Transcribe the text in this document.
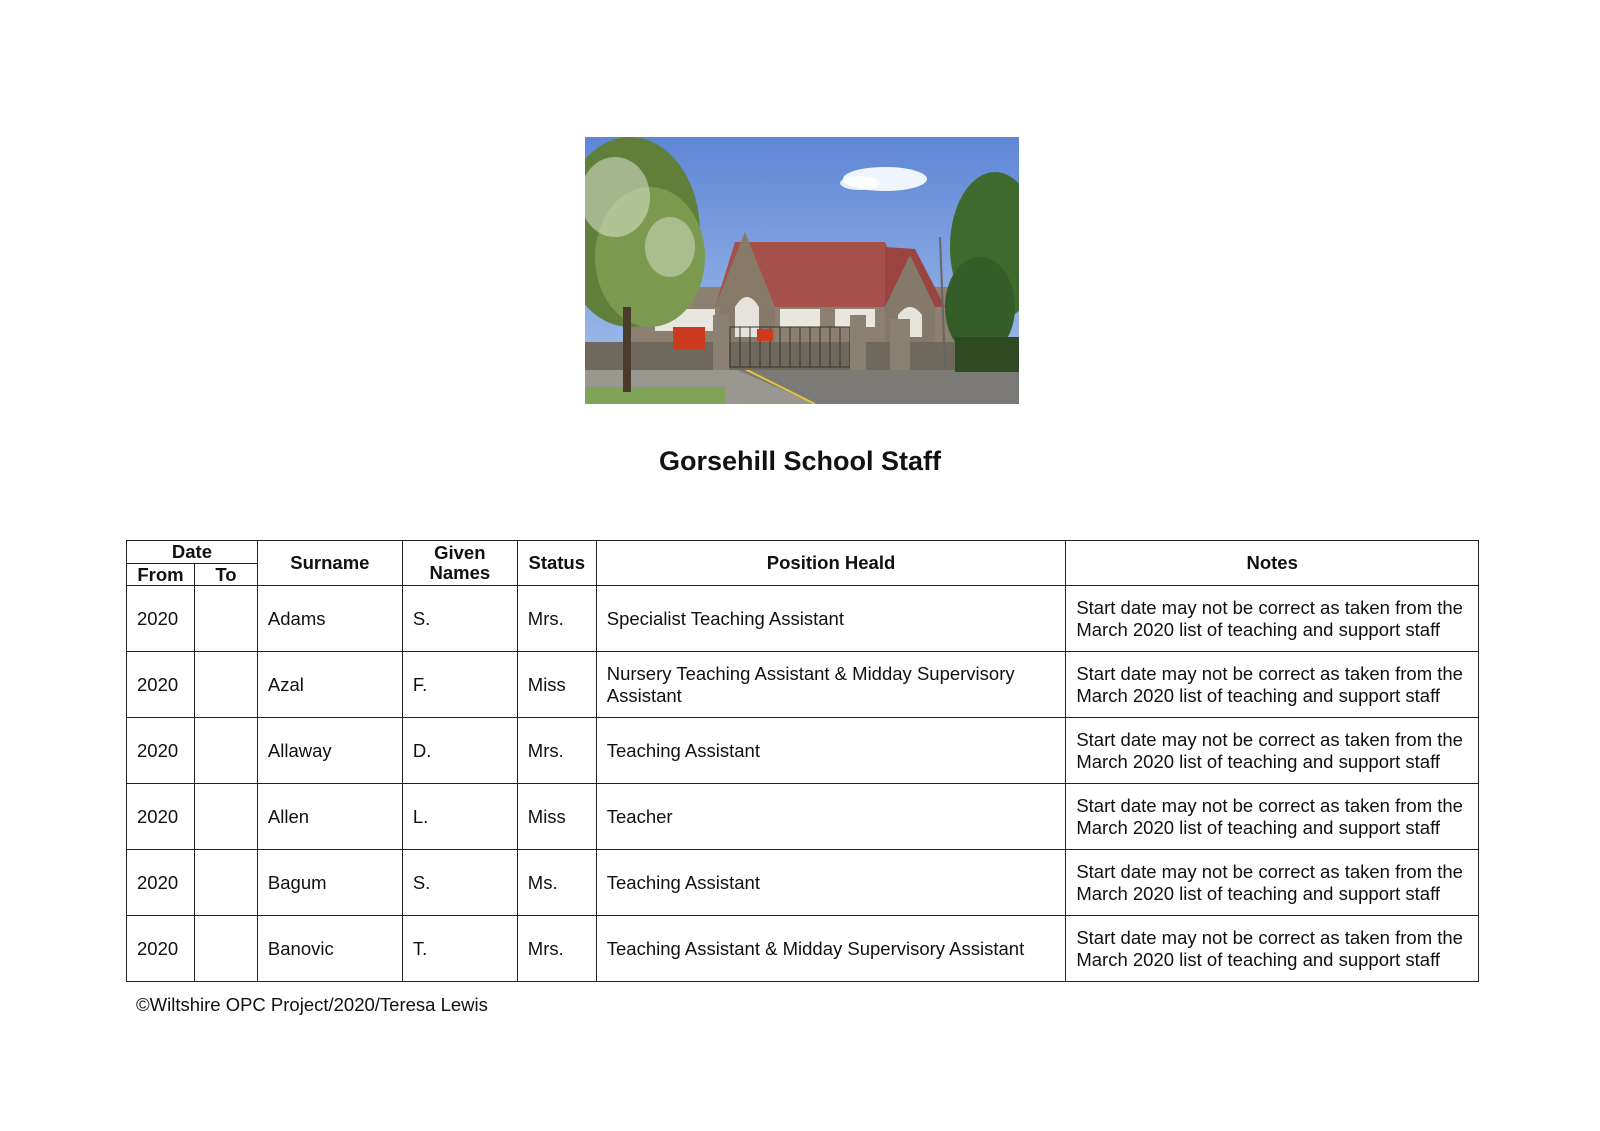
Gorsehill School Staff
Date		Surname	Given Names	Status	Position Heald	Notes
From	To					
2020		Adams	S.	Mrs.	Specialist Teaching Assistant	Start date may not be correct as taken from the March 2020 list of teaching and support staff
2020		Azal	F.	Miss	Nursery Teaching Assistant & Midday Supervisory Assistant	Start date may not be correct as taken from the March 2020 list of teaching and support staff
2020		Allaway	D.	Mrs.	Teaching Assistant	Start date may not be correct as taken from the March 2020 list of teaching and support staff
2020		Allen	L.	Miss	Teacher	Start date may not be correct as taken from the March 2020 list of teaching and support staff
2020		Bagum	S.	Ms.	Teaching Assistant	Start date may not be correct as taken from the March 2020 list of teaching and support staff
2020		Banovic	T.	Mrs.	Teaching Assistant & Midday Supervisory Assistant	Start date may not be correct as taken from the March 2020 list of teaching and support staff
©Wiltshire OPC Project/2020/Teresa Lewis
